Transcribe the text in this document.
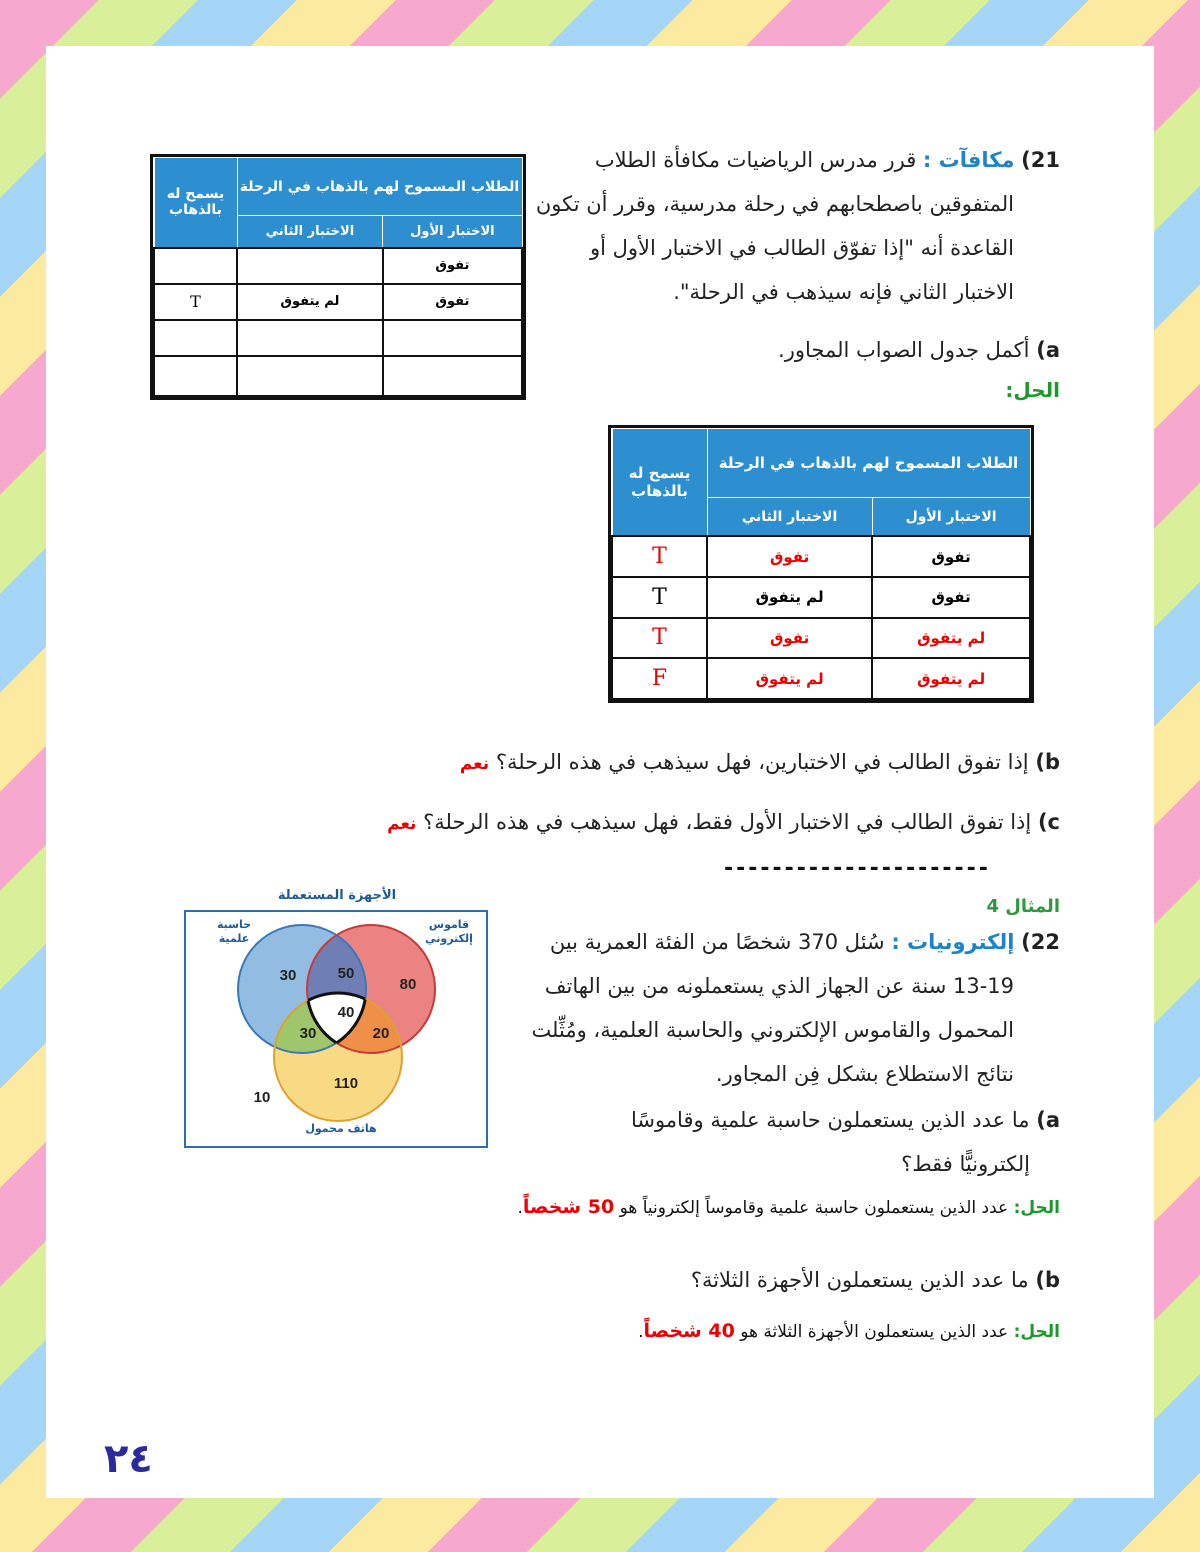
21) مكافآت : قرر مدرس الرياضيات مكافأة الطلاب
المتفوقين باصطحابهم في رحلة مدرسية، وقرر أن تكون
القاعدة أنه "إذا تفوّق الطالب في الاختبار الأول أو
الاختبار الثاني فإنه سيذهب في الرحلة".
a) أكمل جدول الصواب المجاور.
الحل:
الطلاب المسموح لهم بالذهاب في الرحلة		يسمح له بالذهاب
الاختبار الأول	الاختبار الثاني	
تفوق		
تفوق	لم يتفوق	T

الطلاب المسموح لهم بالذهاب في الرحلة		يسمح له بالذهاب
الاختبار الأول	الاختبار الثاني	
تفوق	تفوق	T
تفوق	لم يتفوق	T
لم يتفوق	تفوق	T
لم يتفوق	لم يتفوق	F
b) إذا تفوق الطالب في الاختبارين، فهل سيذهب في هذه الرحلة؟ نعم
c) إذا تفوق الطالب في الاختبار الأول فقط، فهل سيذهب في هذه الرحلة؟ نعم
----------------------
المثال 4
22) إلكترونيات : سُئل 370 شخصًا من الفئة العمرية بين
13-19 سنة عن الجهاز الذي يستعملونه من بين الهاتف
المحمول والقاموس الإلكتروني والحاسبة العلمية، ومُثِّلت
نتائج الاستطلاع بشكل فِن المجاور.
a) ما عدد الذين يستعملون حاسبة علمية وقاموسًا
إلكترونيًّا فقط؟
الحل: عدد الذين يستعملون حاسبة علمية وقاموساً إلكترونياً هو 50 شخصاً.
b) ما عدد الذين يستعملون الأجهزة الثلاثة؟
الحل: عدد الذين يستعملون الأجهزة الثلاثة هو 40 شخصاً.
الأجهزة المستعملة
30	50
80
40
30	20
110
10
حاسبة علمية
قاموس إلكتروني
هاتف محمول
٢٤
